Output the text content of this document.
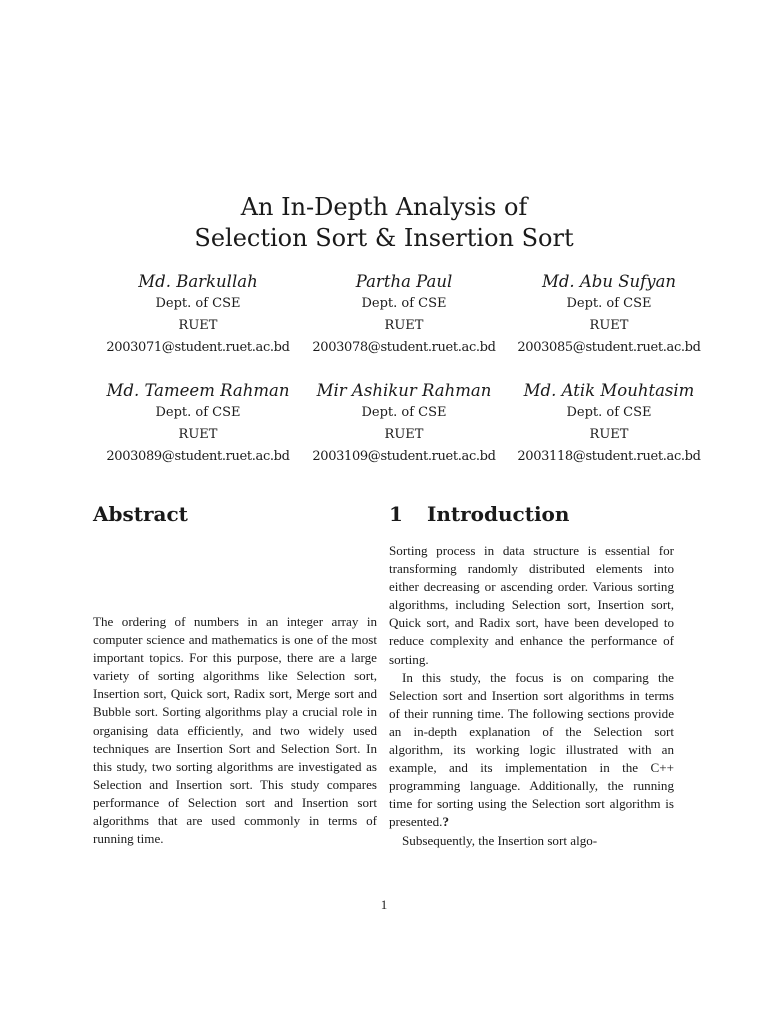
An In-Depth Analysis of
Selection Sort & Insertion Sort
Md. Barkullah
Dept. of CSE
RUET
2003071@student.ruet.ac.bd
Partha Paul
Dept. of CSE
RUET
2003078@student.ruet.ac.bd
Md. Abu Sufyan
Dept. of CSE
RUET
2003085@student.ruet.ac.bd
Md. Tameem Rahman
Dept. of CSE
RUET
2003089@student.ruet.ac.bd
Mir Ashikur Rahman
Dept. of CSE
RUET
2003109@student.ruet.ac.bd
Md. Atik Mouhtasim
Dept. of CSE
RUET
2003118@student.ruet.ac.bd
Abstract

The ordering of numbers in an integer array in computer science and mathematics is one of the most important topics. For this purpose, there are a large variety of sorting algorithms like Selection sort, Insertion sort, Quick sort, Radix sort, Merge sort and Bubble sort. Sorting algorithms play a crucial role in organising data efficiently, and two widely used techniques are Insertion Sort and Selection Sort. In this study, two sorting algorithms are investigated as Selection and Insertion sort. This study compares performance of Selection sort and Insertion sort algorithms that are used commonly in terms of running time.

1 Introduction

Sorting process in data structure is essential for transforming randomly distributed elements into either decreasing or ascending order. Various sorting algorithms, including Selection sort, Insertion sort, Quick sort, and Radix sort, have been developed to reduce complexity and enhance the performance of sorting.

In this study, the focus is on comparing the Selection sort and Insertion sort algorithms in terms of their running time. The following sections provide an in-depth explanation of the Selection sort algorithm, its working logic illustrated with an example, and its implementation in the C++ programming language. Additionally, the running time for sorting using the Selection sort algorithm is presented.?

Subsequently, the Insertion sort algo-

1
